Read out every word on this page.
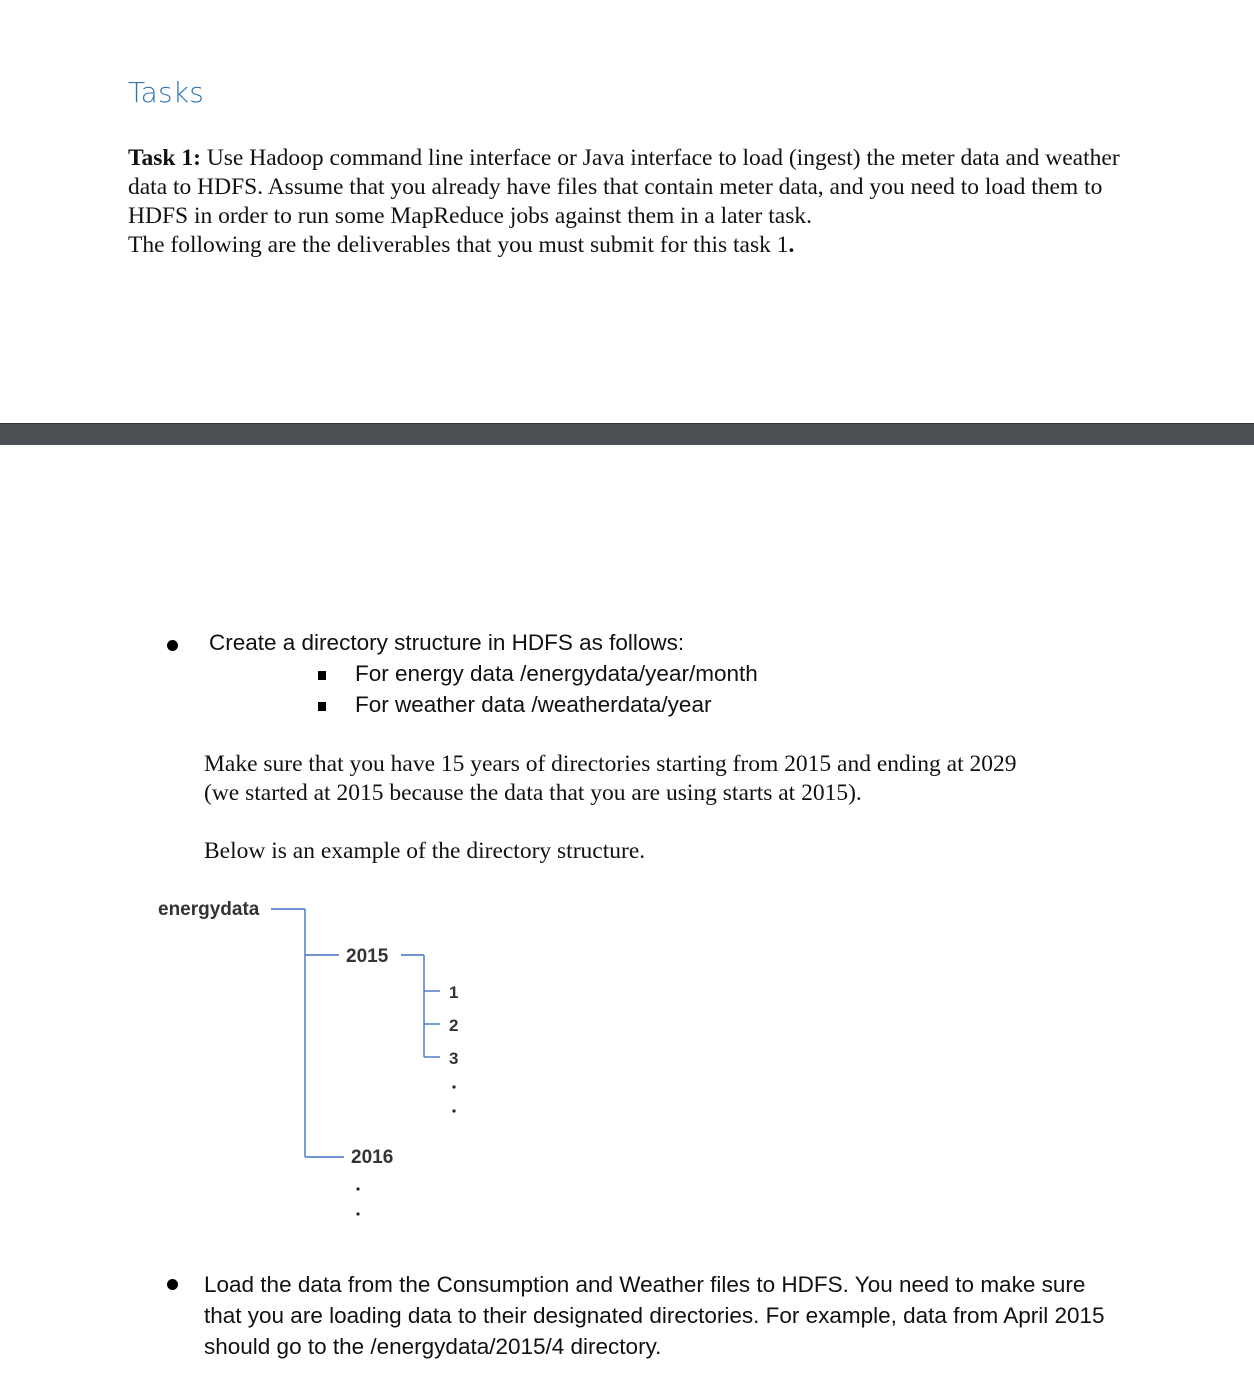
Tasks
Task 1: Use Hadoop command line interface or Java interface to load (ingest) the meter data and weather data to HDFS. Assume that you already have files that contain meter data, and you need to load them to HDFS in order to run some MapReduce jobs against them in a later task.
The following are the deliverables that you must submit for this task 1.
Create a directory structure in HDFS as follows:
For energy data /energydata/year/month
For weather data /weatherdata/year
Make sure that you have 15 years of directories starting from 2015 and ending at 2029
(we started at 2015 because the data that you are using starts at 2015).
Below is an example of the directory structure.
energydata
2015
2016
1
2
3
Load the data from the Consumption and Weather files to HDFS. You need to make sure that you are loading data to their designated directories. For example, data from April 2015 should go to the /energydata/2015/4 directory.
